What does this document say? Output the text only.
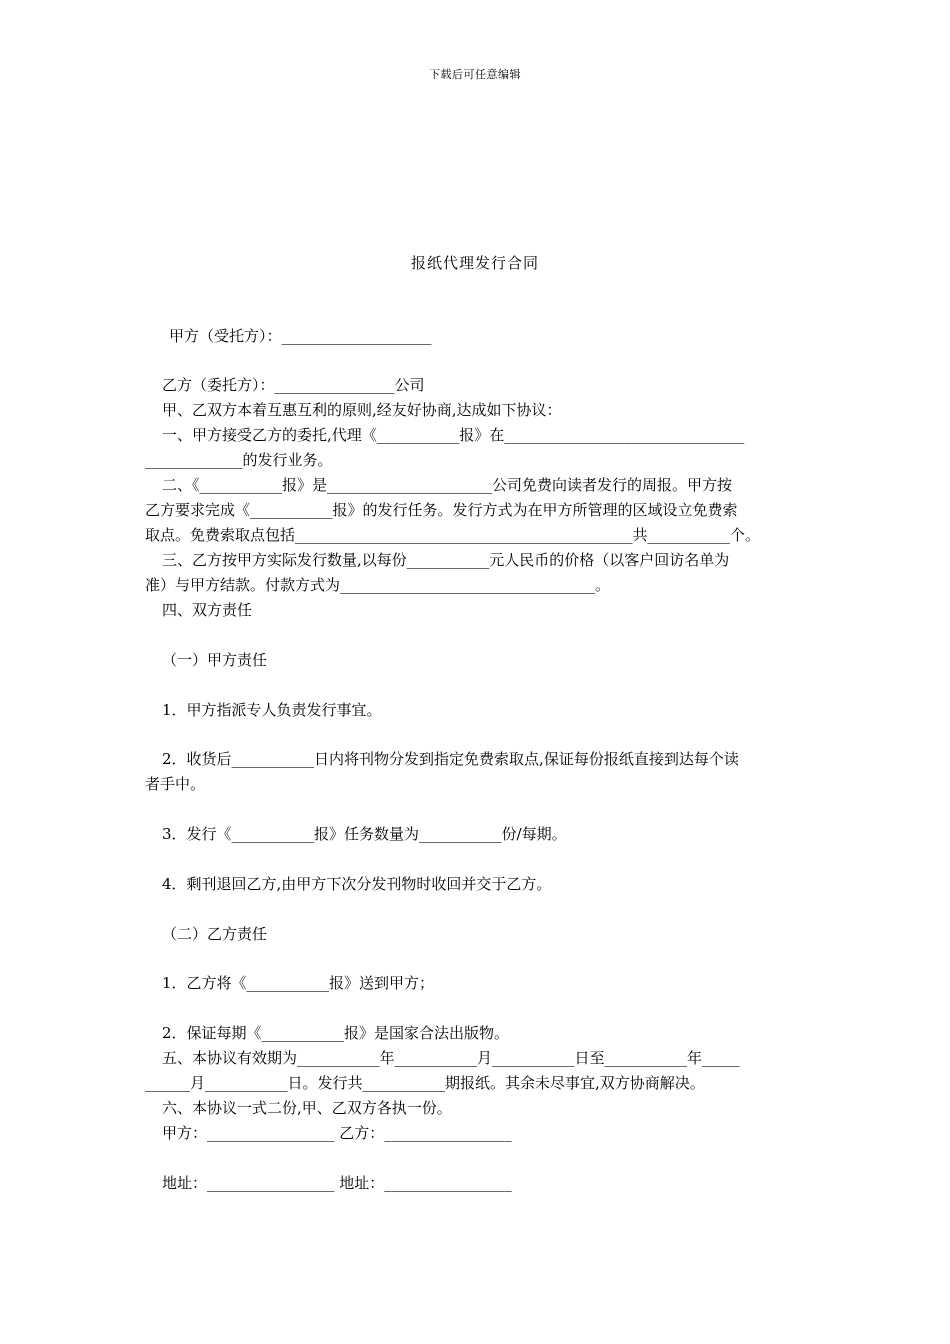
下载后可任意编辑
报纸代理发行合同
甲方（受托方）：____________________
乙方（委托方）：________________公司
甲、乙双方本着互惠互利的原则,经友好协商,达成如下协议：
一、甲方接受乙方的委托,代理《___________报》在________________________________
_____________的发行业务。
二、《___________报》是______________________公司免费向读者发行的周报。甲方按
乙方要求完成《___________报》的发行任务。发行方式为在甲方所管理的区域设立免费索
取点。免费索取点包括_____________________________________________共___________个。
三、乙方按甲方实际发行数量,以每份___________元人民币的价格（以客户回访名单为
准）与甲方结款。付款方式为__________________________________。
四、双方责任
（一）甲方责任
1．甲方指派专人负责发行事宜。
2．收货后___________日内将刊物分发到指定免费索取点,保证每份报纸直接到达每个读
者手中。
3．发行《___________报》任务数量为___________份/每期。
4．剩刊退回乙方,由甲方下次分发刊物时收回并交于乙方。
（二）乙方责任
1．乙方将《___________报》送到甲方；
2．保证每期《___________报》是国家合法出版物。
五、本协议有效期为___________年___________月___________日至___________年_____
______月___________日。发行共___________期报纸。其余未尽事宜,双方协商解决。
六、本协议一式二份,甲、乙双方各执一份。
甲方：_________________ 乙方：_________________
地址：_________________ 地址：_________________
